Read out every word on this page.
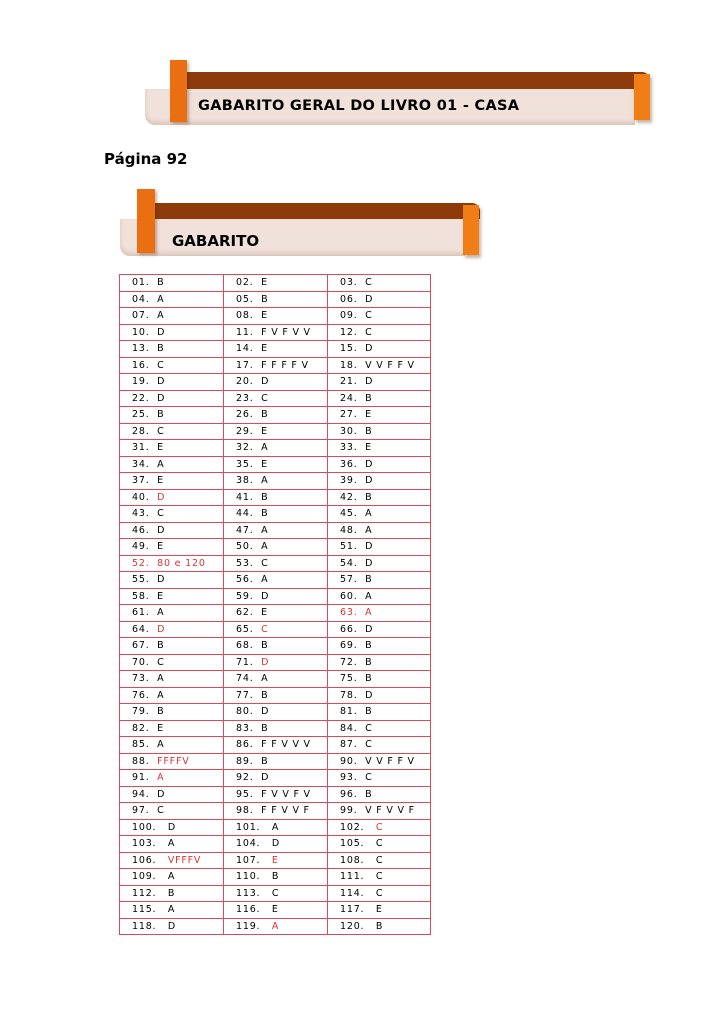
GABARITO GERAL DO LIVRO 01 - CASA
Página 92
GABARITO
01. B	02. E	03. C
04. A	05. B	06. D
07. A	08. E	09. C
10. D	11. F V F V V	12. C
13. B	14. E	15. D
16. C	17. F F F F V	18. V V F F V
19. D	20. D	21. D
22. D	23. C	24. B
25. B	26. B	27. E
28. C	29. E	30. B
31. E	32. A	33. E
34. A	35. E	36. D
37. E	38. A	39. D
40. D	41. B	42. B
43. C	44. B	45. A
46. D	47. A	48. A
49. E	50. A	51. D
52. 80 e 120	53. C	54. D
55. D	56. A	57. B
58. E	59. D	60. A
61. A	62. E	63. A
64. D	65. C	66. D
67. B	68. B	69. B
70. C	71. D	72. B
73. A	74. A	75. B
76. A	77. B	78. D
79. B	80. D	81. B
82. E	83. B	84. C
85. A	86. F F V V V	87. C
88. FFFFV	89. B	90. V V F F V
91. A	92. D	93. C
94. D	95. F V V F V	96. B
97. C	98. F F V V F	99. V F V V F
100. D	101. A	102. C
103. A	104. D	105. C
106. VFFFV	107. E	108. C
109. A	110. B	111. C
112. B	113. C	114. C
115. A	116. E	117. E
118. D	119. A	120. B
